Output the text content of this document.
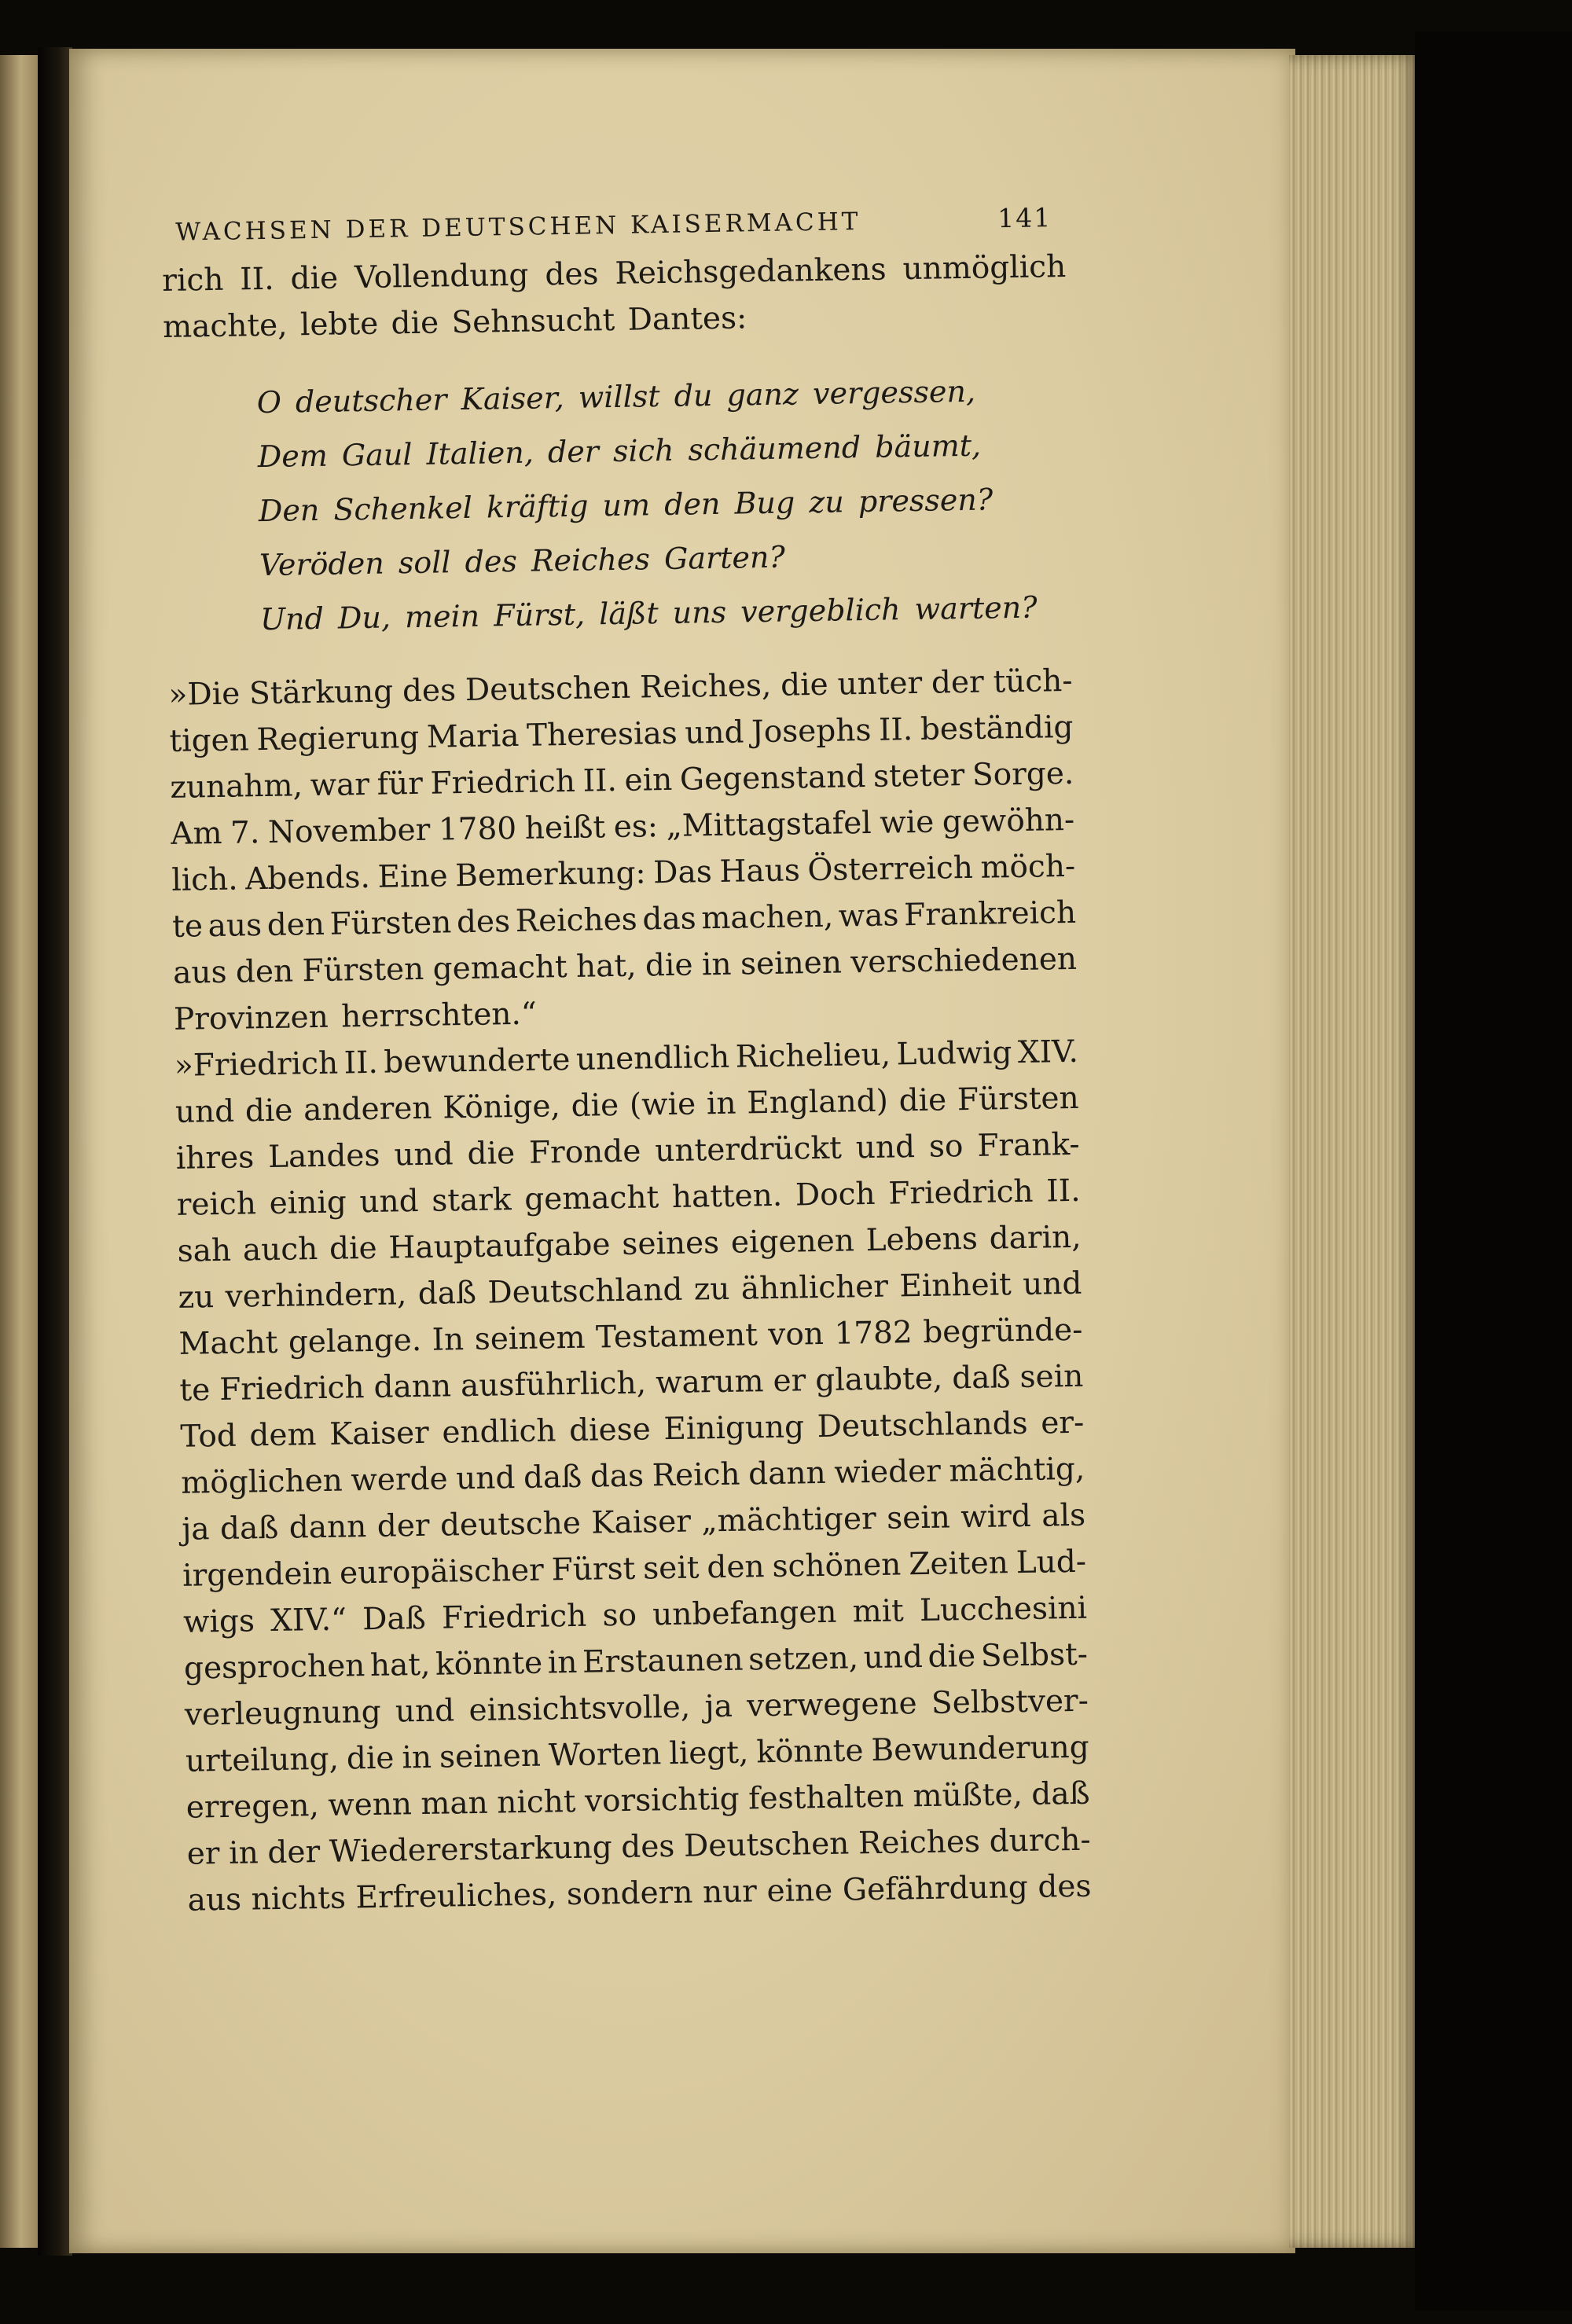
WACHSEN DER DEUTSCHEN KAISERMACHT	141
rich II. die Vollendung des Reichsgedankens unmöglich
machte, lebte die Sehnsucht Dantes:
O deutscher Kaiser, willst du ganz vergessen,
Dem Gaul Italien, der sich schäumend bäumt,
Den Schenkel kräftig um den Bug zu pressen?
Veröden soll des Reiches Garten?
Und Du, mein Fürst, läßt uns vergeblich warten?
»Die Stärkung des Deutschen Reiches, die unter der tüch-
tigen Regierung Maria Theresias und Josephs II. beständig
zunahm, war für Friedrich II. ein Gegenstand steter Sorge.
Am 7. November 1780 heißt es: „Mittagstafel wie gewöhn-
lich. Abends. Eine Bemerkung: Das Haus Österreich möch-
te aus den Fürsten des Reiches das machen, was Frankreich
aus den Fürsten gemacht hat, die in seinen verschiedenen
Provinzen herrschten.“
»Friedrich II. bewunderte unendlich Richelieu, Ludwig XIV.
und die anderen Könige, die (wie in England) die Fürsten
ihres Landes und die Fronde unterdrückt und so Frank-
reich einig und stark gemacht hatten. Doch Friedrich II.
sah auch die Hauptaufgabe seines eigenen Lebens darin,
zu verhindern, daß Deutschland zu ähnlicher Einheit und
Macht gelange. In seinem Testament von 1782 begründe-
te Friedrich dann ausführlich, warum er glaubte, daß sein
Tod dem Kaiser endlich diese Einigung Deutschlands er-
möglichen werde und daß das Reich dann wieder mächtig,
ja daß dann der deutsche Kaiser „mächtiger sein wird als
irgendein europäischer Fürst seit den schönen Zeiten Lud-
wigs XIV.“ Daß Friedrich so unbefangen mit Lucchesini
gesprochen hat, könnte in Erstaunen setzen, und die Selbst-
verleugnung und einsichtsvolle, ja verwegene Selbstver-
urteilung, die in seinen Worten liegt, könnte Bewunderung
erregen, wenn man nicht vorsichtig festhalten müßte, daß
er in der Wiedererstarkung des Deutschen Reiches durch-
aus nichts Erfreuliches, sondern nur eine Gefährdung des
